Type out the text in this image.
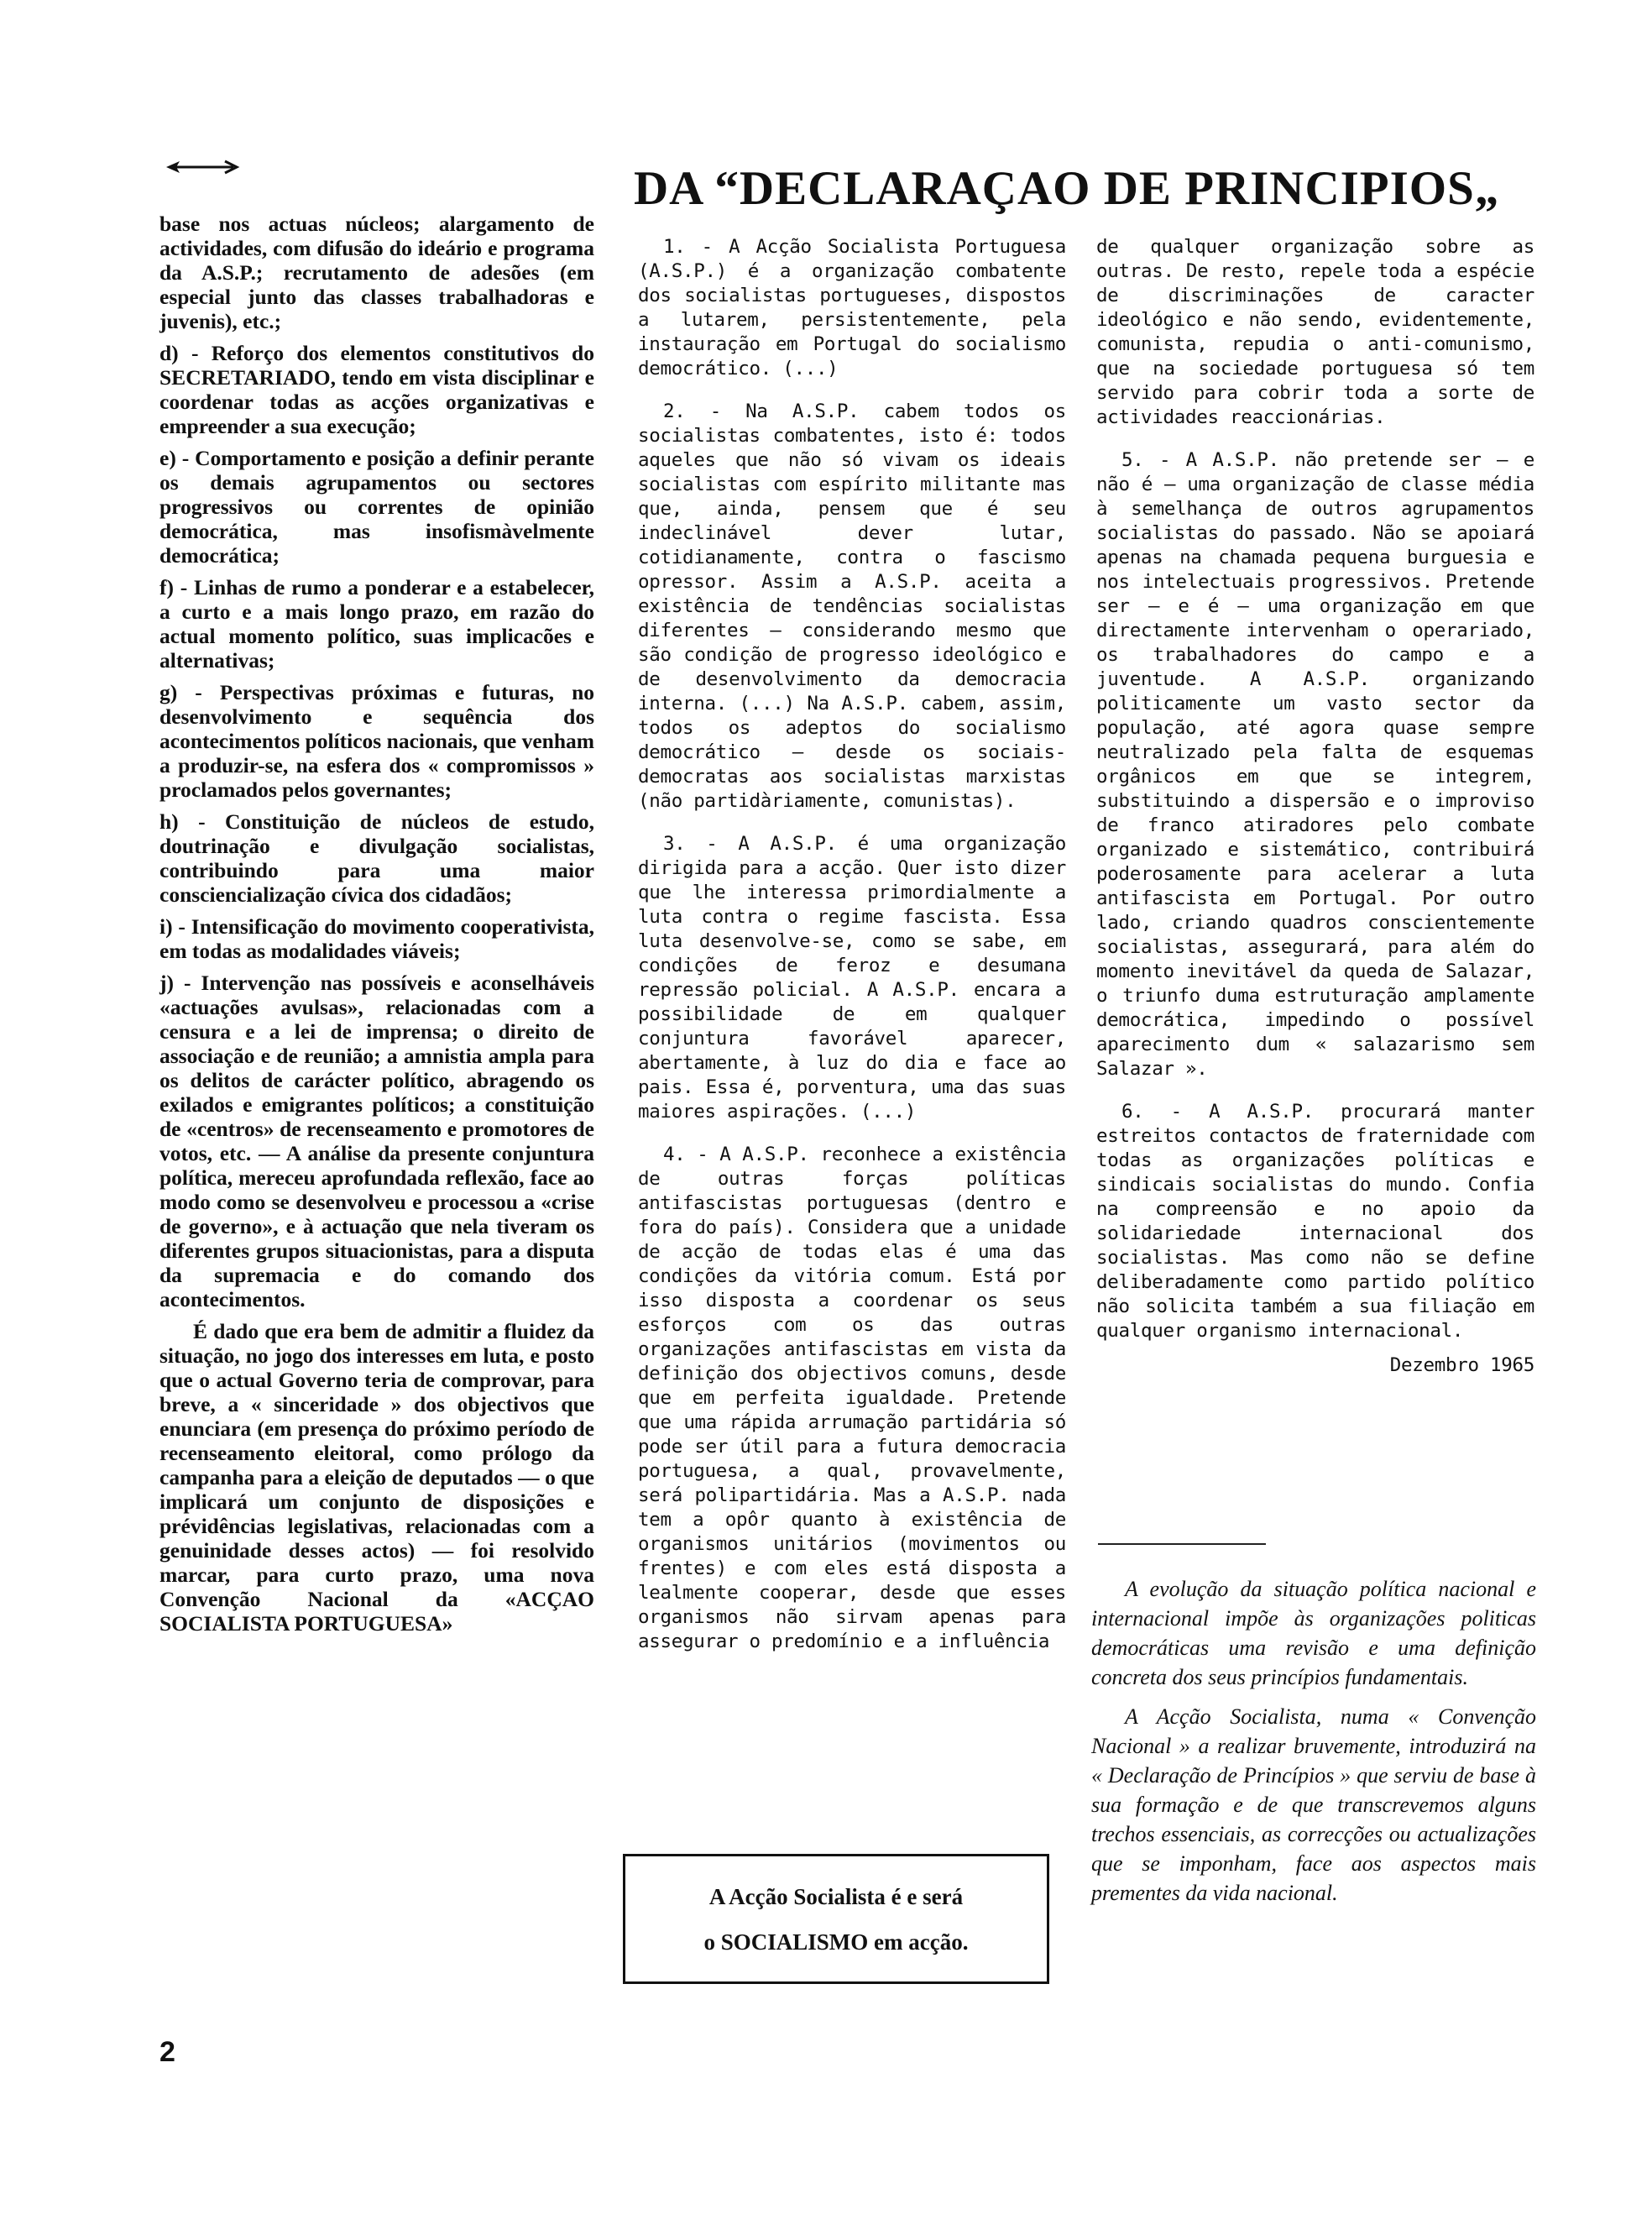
DA “DECLARAÇAO DE PRINCIPIOS„

base nos actuas núcleos; alargamento de actividades, com difusão do ideário e programa da A.S.P.; recrutamento de adesões (em especial junto das classes trabalhadoras e juvenis), etc.;

d) - Reforço dos elementos constitutivos do SECRETARIADO, tendo em vista disciplinar e coordenar todas as acções organizativas e empreender a sua execução;

e) - Comportamento e posição a definir perante os demais agrupamentos ou sectores progressivos ou correntes de opinião democrática, mas insofismàvelmente democrática;

f) - Linhas de rumo a ponderar e a estabelecer, a curto e a mais longo prazo, em razão do actual momento político, suas implicacões e alternativas;

g) - Perspectivas próximas e futuras, no desenvolvimento e sequência dos acontecimentos políticos nacionais, que venham a produzir-se, na esfera dos « compromissos » proclamados pelos governantes;

h) - Constituição de núcleos de estudo, doutrinação e divulgação socialistas, contribuindo para uma maior consciencialização cívica dos cidadãos;

i) - Intensificação do movimento cooperativista, em todas as modalidades viáveis;

j) - Intervenção nas possíveis e aconselháveis «actuações avulsas», relacionadas com a censura e a lei de imprensa; o direito de associação e de reunião; a amnistia ampla para os delitos de carácter político, abragendo os exilados e emigrantes políticos; a constituição de «centros» de recenseamento e promotores de votos, etc. — A análise da presente conjuntura política, mereceu aprofundada reflexão, face ao modo como se desenvolveu e processou a «crise de governo», e à actuação que nela tiveram os diferentes grupos situacionistas, para a disputa da supremacia e do comando dos acontecimentos.

É dado que era bem de admitir a fluidez da situação, no jogo dos interesses em luta, e posto que o actual Governo teria de comprovar, para breve, a « sinceridade » dos objectivos que enunciara (em presença do próximo período de recenseamento eleitoral, como prólogo da campanha para a eleição de deputados — o que implicará um conjunto de disposições e prévidências legislativas, relacionadas com a genuinidade desses actos) — foi resolvido marcar, para curto prazo, uma nova Convenção Nacional da «ACÇAO SOCIALISTA PORTUGUESA»

1. - A Acção Socialista Portuguesa (A.S.P.) é a organização combatente dos socialistas portugueses, dispostos a lutarem, persistentemente, pela instauração em Portugal do socialismo democrático. (...)

2. - Na A.S.P. cabem todos os socialistas combatentes, isto é: todos aqueles que não só vivam os ideais socialistas com espírito militante mas que, ainda, pensem que é seu indeclinável dever lutar, cotidianamente, contra o fascismo opressor. Assim a A.S.P. aceita a existência de tendências socialistas diferentes — considerando mesmo que são condição de progresso ideológico e de desenvolvimento da democracia interna. (...) Na A.S.P. cabem, assim, todos os adeptos do socialismo democrático — desde os sociais-democratas aos socialistas marxistas (não partidàriamente, comunistas).

3. - A A.S.P. é uma organização dirigida para a acção. Quer isto dizer que lhe interessa primordialmente a luta contra o regime fascista. Essa luta desenvolve-se, como se sabe, em condições de feroz e desumana repressão policial. A A.S.P. encara a possibilidade de em qualquer conjuntura favorável aparecer, abertamente, à luz do dia e face ao pais. Essa é, porventura, uma das suas maiores aspirações. (...)

4. - A A.S.P. reconhece a existência de outras forças políticas antifascistas portuguesas (dentro e fora do país). Considera que a unidade de acção de todas elas é uma das condições da vitória comum. Está por isso disposta a coordenar os seus esforços com os das outras organizações antifascistas em vista da definição dos objectivos comuns, desde que em perfeita igualdade. Pretende que uma rápida arrumação partidária só pode ser útil para a futura democracia portuguesa, a qual, provavelmente, será polipartidária. Mas a A.S.P. nada tem a opôr quanto à existência de organismos unitários (movimentos ou frentes) e com eles está disposta a lealmente cooperar, desde que esses organismos não sirvam apenas para assegurar o predomínio e a influência

de qualquer organização sobre as outras. De resto, repele toda a espécie de discriminações de caracter ideológico e não sendo, evidentemente, comunista, repudia o anti-comunismo, que na sociedade portuguesa só tem servido para cobrir toda a sorte de actividades reaccionárias.

5. - A A.S.P. não pretende ser — e não é — uma organização de classe média à semelhança de outros agrupamentos socialistas do passado. Não se apoiará apenas na chamada pequena burguesia e nos intelectuais progressivos. Pretende ser — e é — uma organização em que directamente intervenham o operariado, os trabalhadores do campo e a juventude. A A.S.P. organizando politicamente um vasto sector da população, até agora quase sempre neutralizado pela falta de esquemas orgânicos em que se integrem, substituindo a dispersão e o improviso de franco atiradores pelo combate organizado e sistemático, contribuirá poderosamente para acelerar a luta antifascista em Portugal. Por outro lado, criando quadros conscientemente socialistas, assegurará, para além do momento inevitável da queda de Salazar, o triunfo duma estruturação amplamente democrática, impedindo o possível aparecimento dum « salazarismo sem Salazar ».

6. - A A.S.P. procurará manter estreitos contactos de fraternidade com todas as organizações políticas e sindicais socialistas do mundo. Confia na compreensão e no apoio da solidariedade internacional dos socialistas. Mas como não se define deliberadamente como partido político não solicita também a sua filiação em qualquer organismo internacional.

Dezembro 1965

A evolução da situação política nacional e internacional impõe às organizações politicas democráticas uma revisão e uma definição concreta dos seus princípios fundamentais.

A Acção Socialista, numa « Convenção Nacional » a realizar bruvemente, introduzirá na « Declaração de Princípios » que serviu de base à sua formação e de que transcrevemos alguns trechos essenciais, as correcções ou actualizações que se imponham, face aos aspectos mais prementes da vida nacional.

A Acção Socialista é e será
o SOCIALISMO em acção.
2
